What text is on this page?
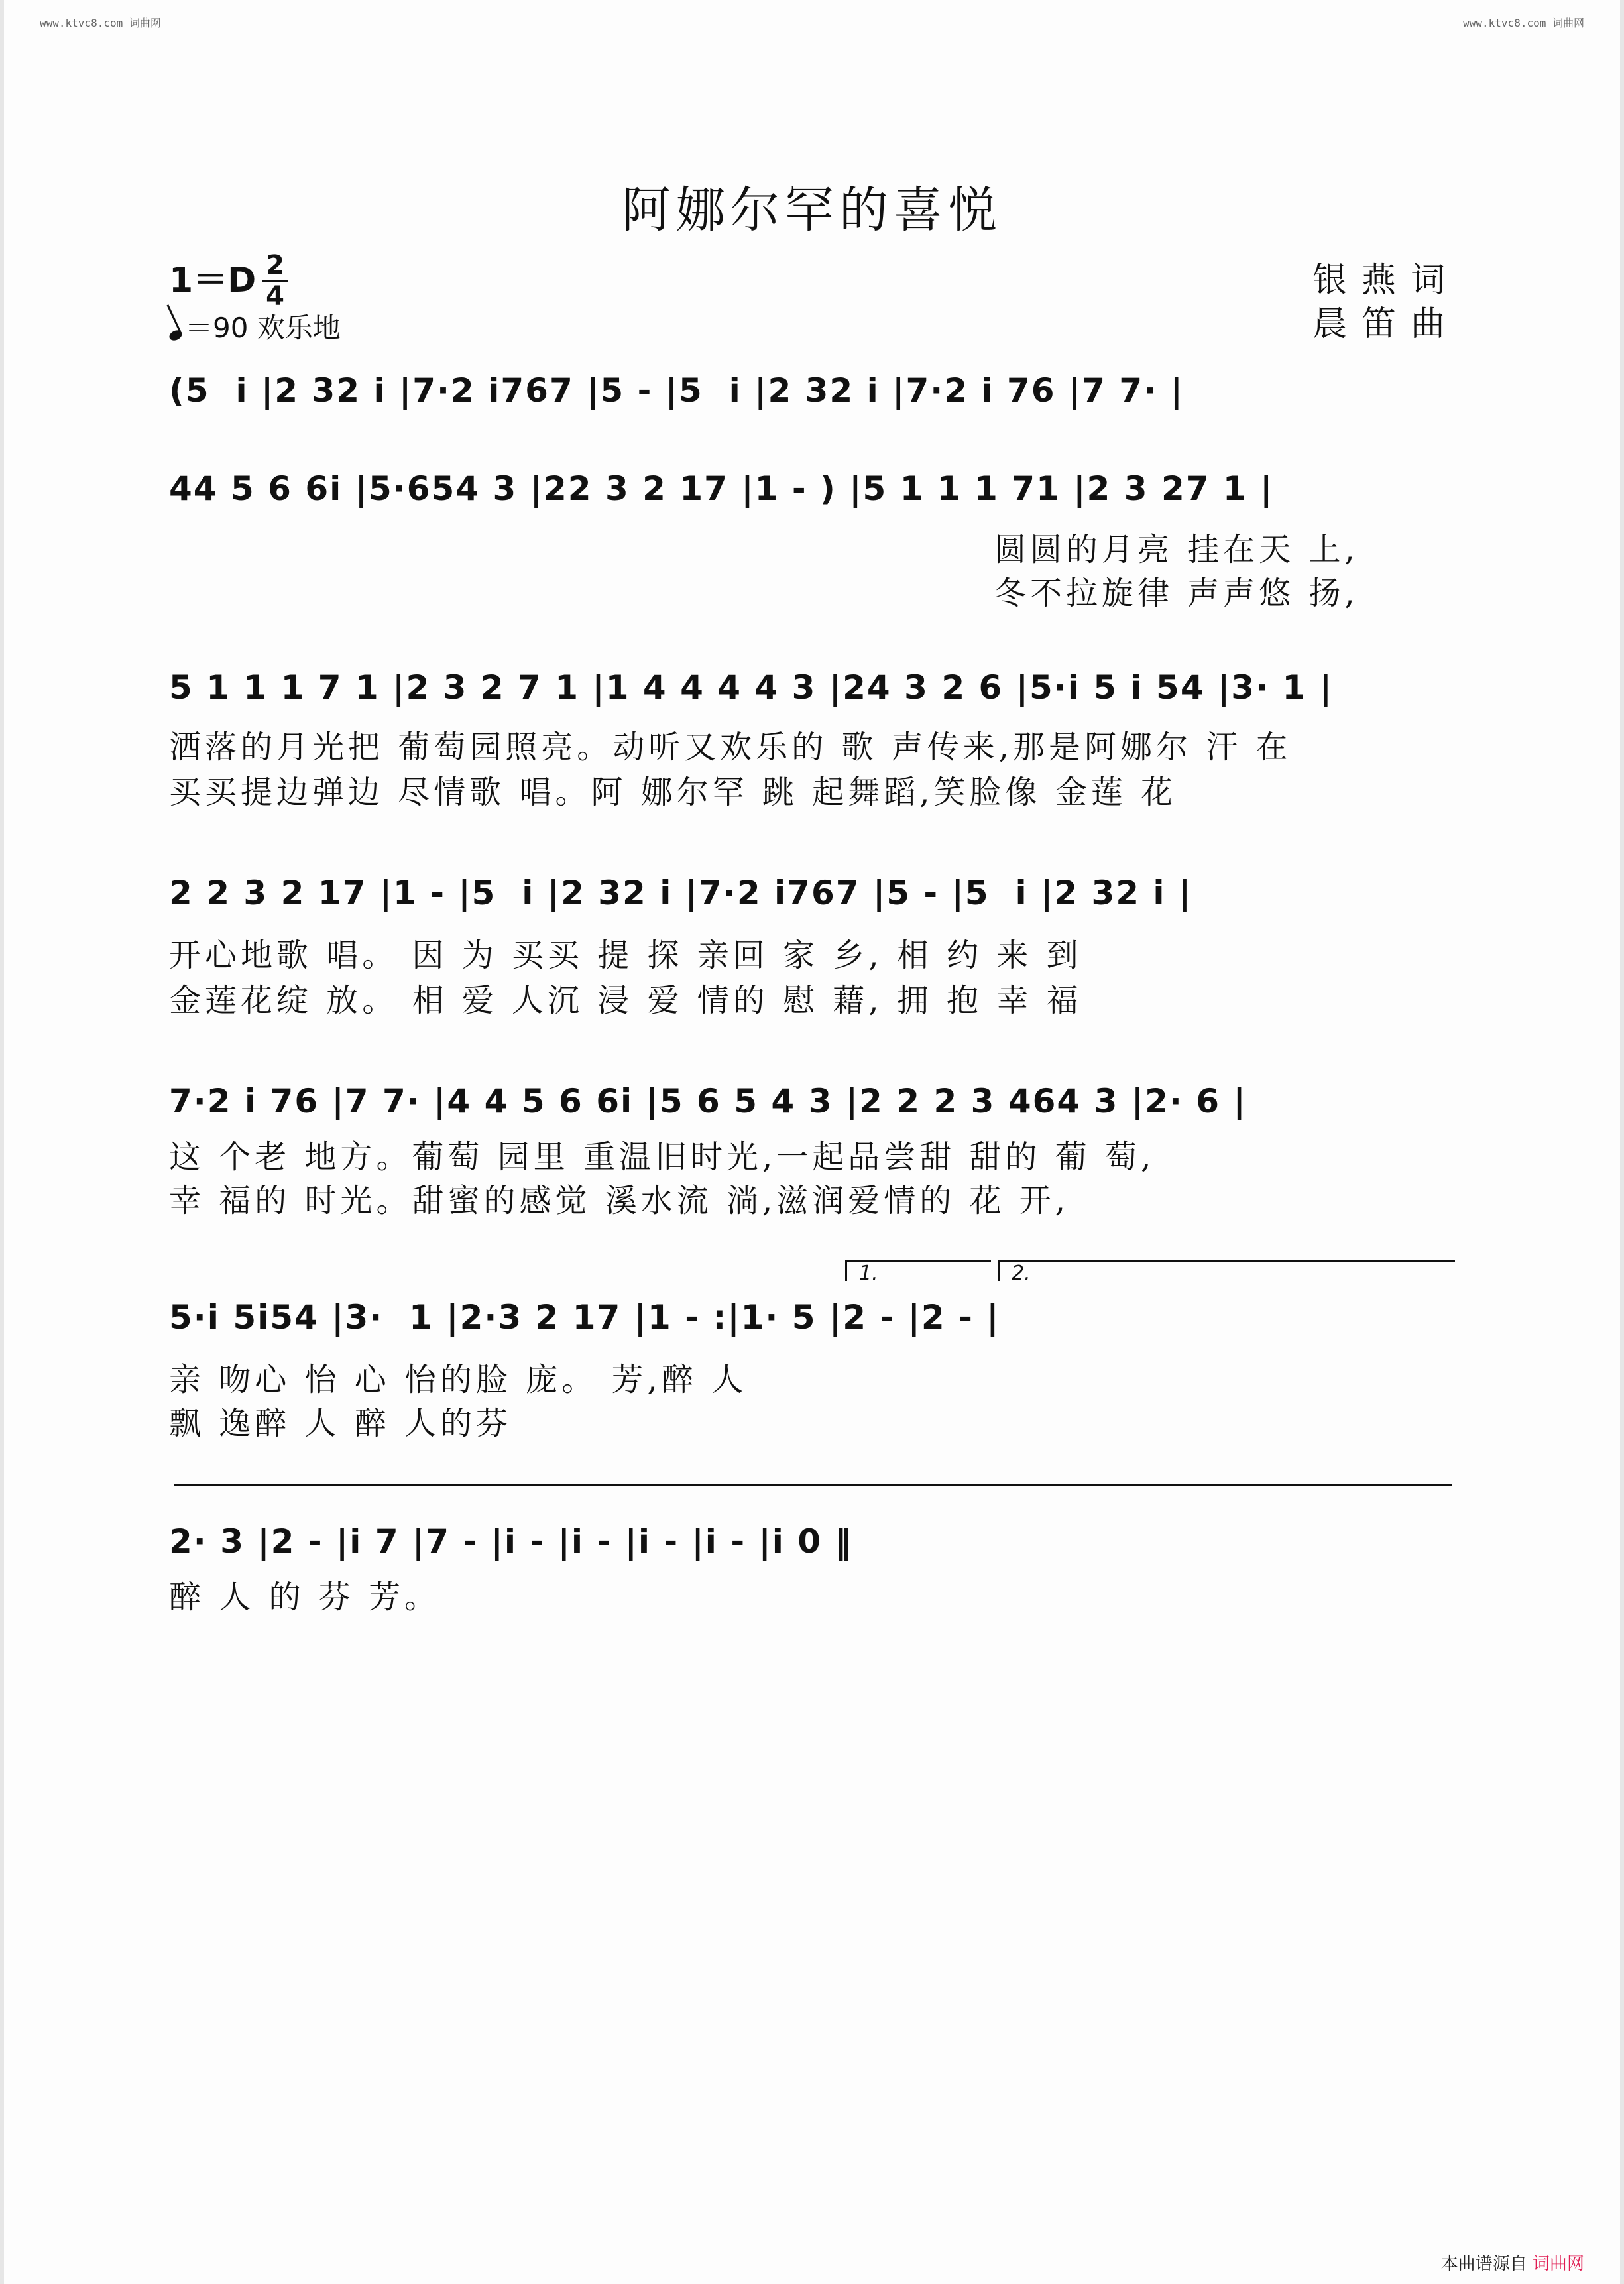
www.ktvc8.com 词曲网	www.ktvc8.com 词曲网
阿娜尔罕的喜悦
1＝D 2
4
＝90 欢乐地
银燕词
晨笛曲
(5  i |2 32 i |7·2 i767 |5 - |5  i |2 32 i |7·2 i 76 |7 7· |
44 5 6 6i |5·654 3 |22 3 2 17 |1 - ) |5 1 1 1 71 |2 3 27 1 |
圆圆的月亮 挂在天 上,
冬不拉旋律 声声悠 扬,
5 1 1 1 7 1 |2 3 2 7 1 |1 4 4 4 4 3 |24 3 2 6 |5·i 5 i 54 |3· 1 |
洒落的月光把 葡萄园照亮。动听又欢乐的 歌 声传来,那是阿娜尔 汗 在
买买提边弹边 尽情歌 唱。阿 娜尔罕 跳 起舞蹈,笑脸像 金莲 花
2 2 3 2 17 |1 - |5  i |2 32 i |7·2 i767 |5 - |5  i |2 32 i |
开心地歌 唱。 因 为 买买 提 探 亲回 家 乡, 相 约 来 到
金莲花绽 放。 相 爱 人沉 浸 爱 情的 慰 藉, 拥 抱 幸 福
7·2 i 76 |7 7· |4 4 5 6 6i |5 6 5 4 3 |2 2 2 3 464 3 |2· 6 |
这 个老 地方。葡萄 园里 重温旧时光,一起品尝甜 甜的 葡 萄,
幸 福的 时光。甜蜜的感觉 溪水流 淌,滋润爱情的 花 开,
1.	2.
5·i 5i54 |3·  1 |2·3 2 17 |1 - :|1· 5 |2 - |2 - |
亲 吻心 怡 心 怡的脸 庞。 芳,醉 人
飘 逸醉 人 醉 人的芬
2· 3 |2 - |i 7 |7 - |i - |i - |i - |i - |i 0 ‖
醉 人 的 芬 芳。
本曲谱源自 词曲网
